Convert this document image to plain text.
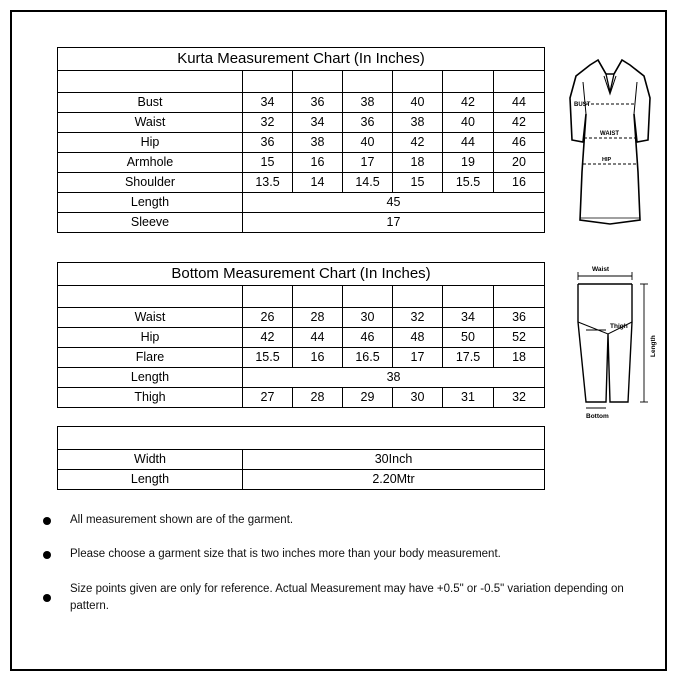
Kurta Measurement Chart (In Inches)						
Category	XS	S	M	L	XL	XXL
Bust	34	36	38	40	42	44
Waist	32	34	36	38	40	42
Hip	36	38	40	42	44	46
Armhole	15	16	17	18	19	20
Shoulder	13.5	14	14.5	15	15.5	16
Length	45					
Sleeve	17					
Bottom Measurement Chart (In Inches)						
Category	XS	S	M	L	XL	XXL
Waist	26	28	30	32	34	36
Hip	42	44	46	48	50	52
Flare	15.5	16	16.5	17	17.5	18
Length	38					
Thigh	27	28	29	30	31	32
Dupatta	
Width	30Inch
Length	2.20Mtr
BUST
WAIST
HIP
Waist
Thigh
Length
Bottom
All measurement shown are of the garment.
Please choose a garment size that is two inches more than your body measurement.
Size points given are only for reference. Actual Measurement may have +0.5" or -0.5" variation depending on pattern.
